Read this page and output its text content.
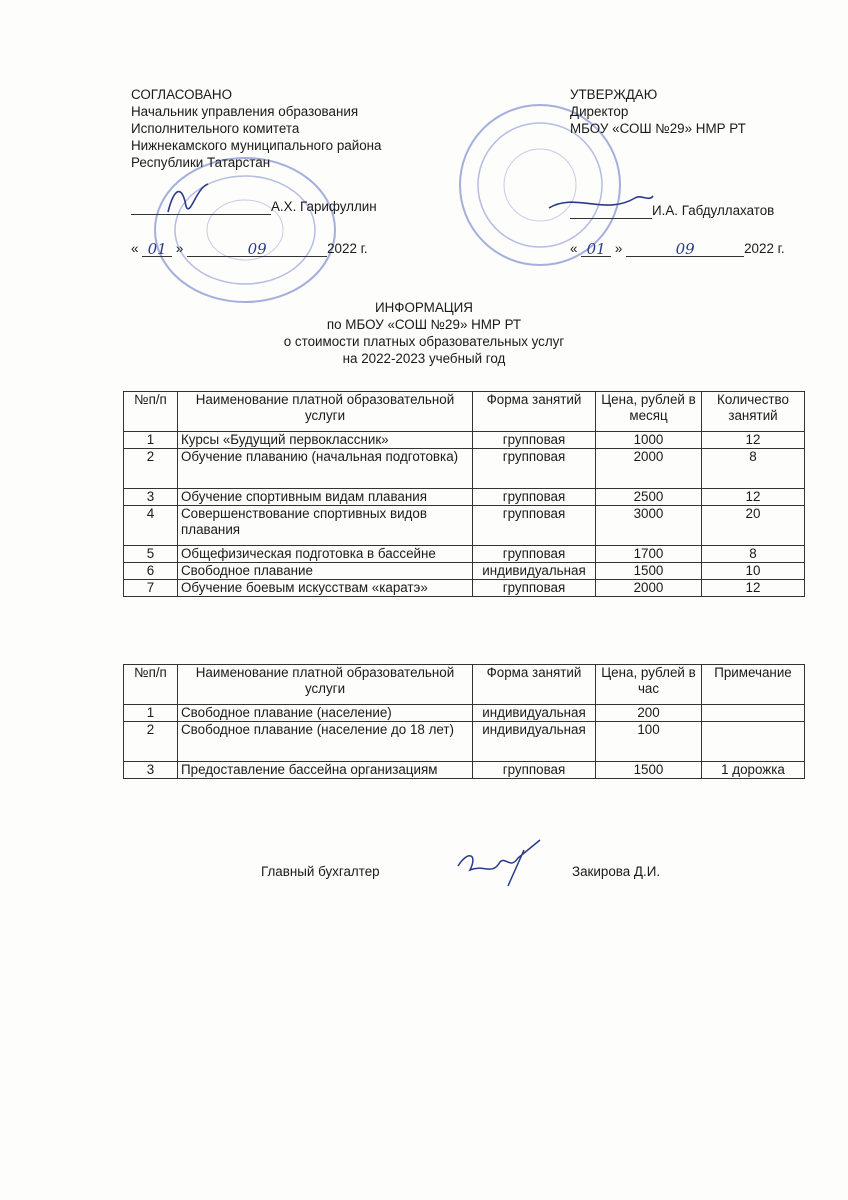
СОГЛАСОВАНО
Начальник управления образования
Исполнительного комитета
Нижнекамского муниципального района
Республики Татарстан
А.Х. Гарифуллин
« 01 »	09	2022 г.
УТВЕРЖДАЮ
Директор
МБОУ «СОШ №29» НМР РТ
И.А. Габдуллахатов
« 01 »	09	2022 г.
ИНФОРМАЦИЯ
по МБОУ «СОШ №29» НМР РТ
о стоимости платных образовательных услуг
на 2022-2023 учебный год
№п/п	Наименование платной образовательной услуги	Форма занятий	Цена, рублей в месяц	Количество занятий
1	Курсы «Будущий первоклассник»	групповая	1000	12
2	Обучение плаванию (начальная подготовка)	групповая	2000	8
3	Обучение спортивным видам плавания	групповая	2500	12
4	Совершенствование спортивных видов плавания	групповая	3000	20
5	Общефизическая подготовка в бассейне	групповая	1700	8
6	Свободное плавание	индивидуальная	1500	10
7	Обучение боевым искусствам «каратэ»	групповая	2000	12
№п/п	Наименование платной образовательной услуги	Форма занятий	Цена, рублей в час	Примечание
1	Свободное плавание (население)	индивидуальная	200	
2	Свободное плавание (население до 18 лет)	индивидуальная	100	
3	Предоставление бассейна организациям	групповая	1500	1 дорожка
Главный бухгалтер	Закирова Д.И.
